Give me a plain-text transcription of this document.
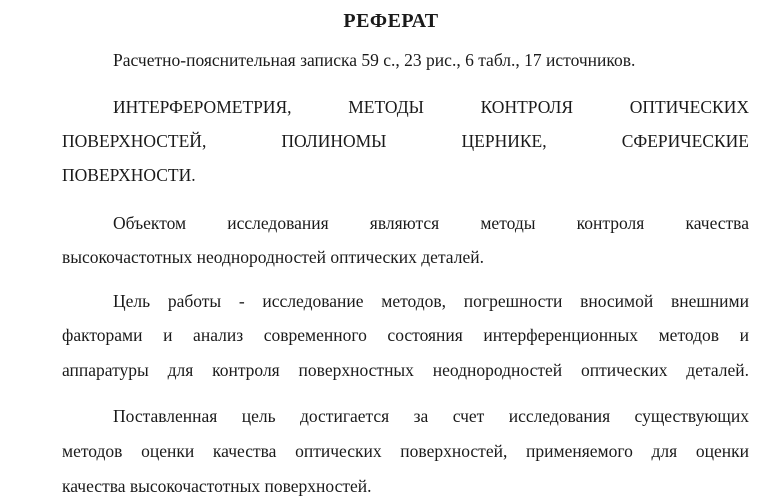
РЕФЕРАТ
Расчетно-пояснительная записка 59 с., 23 рис., 6 табл., 17 источников.
ИНТЕРФЕРОМЕТРИЯ, МЕТОДЫ КОНТРОЛЯ ОПТИЧЕСКИХ
ПОВЕРХНОСТЕЙ, ПОЛИНОМЫ ЦЕРНИКЕ, СФЕРИЧЕСКИЕ
ПОВЕРХНОСТИ.
Объектом исследования являются методы контроля качества
высокочастотных неоднородностей оптических деталей.
Цель работы - исследование методов, погрешности вносимой внешними
факторами и анализ современного состояния интерференционных методов и
аппаратуры для контроля поверхностных неоднородностей оптических деталей.
Поставленная цель достигается за счет исследования существующих
методов оценки качества оптических поверхностей, применяемого для оценки
качества высокочастотных поверхностей.
